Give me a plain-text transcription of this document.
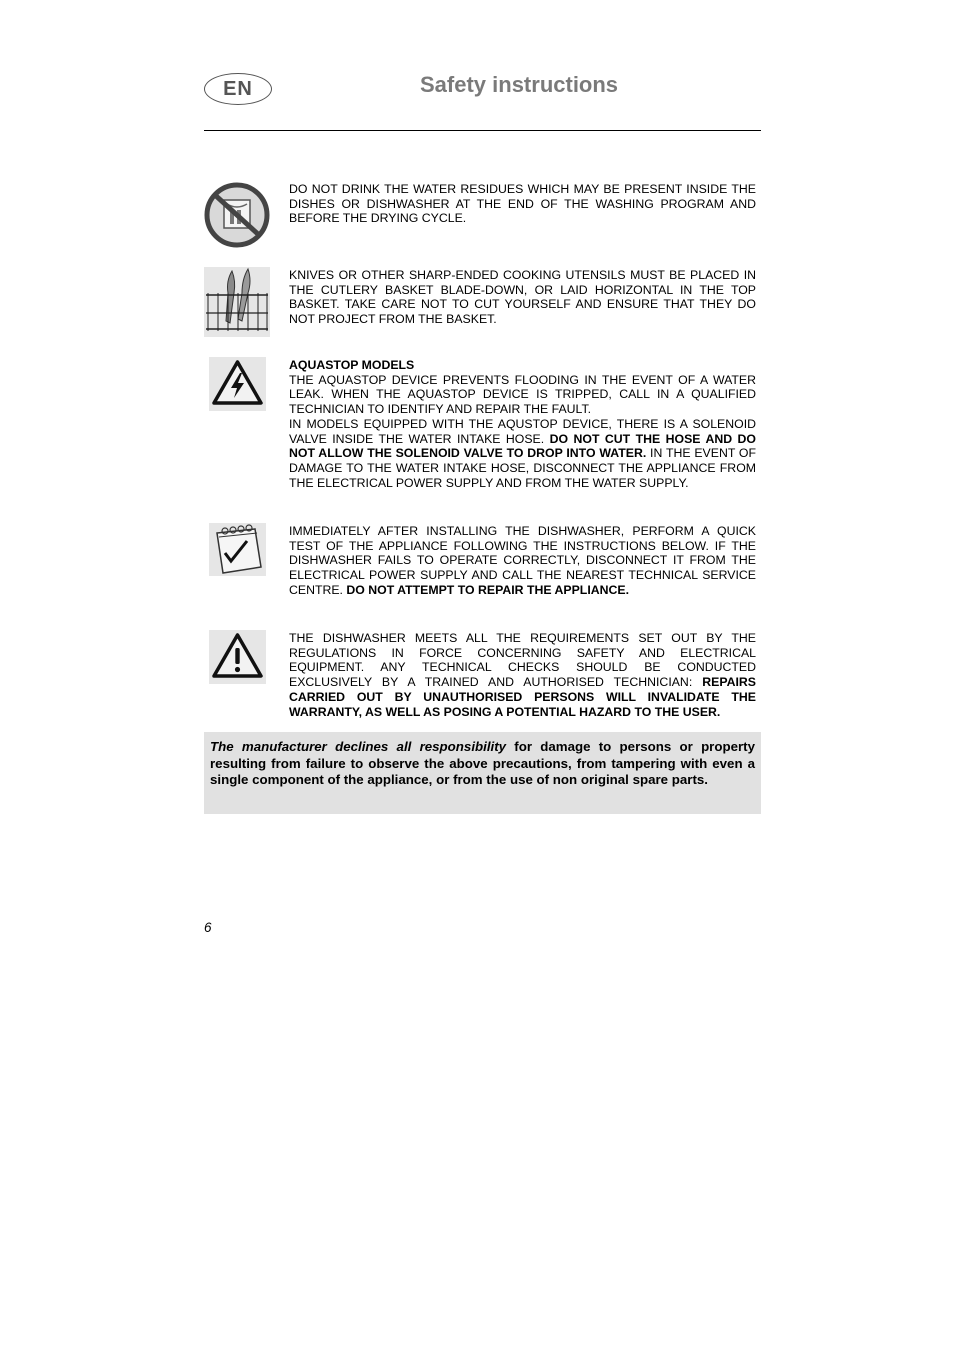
EN	Safety instructions

DO NOT DRINK THE WATER RESIDUES WHICH MAY BE PRESENT INSIDE THE DISHES OR DISHWASHER AT THE END OF THE WASHING PROGRAM AND BEFORE THE DRYING CYCLE.

KNIVES OR OTHER SHARP-ENDED COOKING UTENSILS MUST BE PLACED IN THE CUTLERY BASKET BLADE-DOWN, OR LAID HORIZONTAL IN THE TOP BASKET. TAKE CARE NOT TO CUT YOURSELF AND ENSURE THAT THEY DO NOT PROJECT FROM THE BASKET.

AQUASTOP MODELS

THE AQUASTOP DEVICE PREVENTS FLOODING IN THE EVENT OF A WATER LEAK. WHEN THE AQUASTOP DEVICE IS TRIPPED, CALL IN A QUALIFIED TECHNICIAN TO IDENTIFY AND REPAIR THE FAULT.

IN MODELS EQUIPPED WITH THE AQUSTOP DEVICE, THERE IS A SOLENOID VALVE INSIDE THE WATER INTAKE HOSE. DO NOT CUT THE HOSE AND DO NOT ALLOW THE SOLENOID VALVE TO DROP INTO WATER. IN THE EVENT OF DAMAGE TO THE WATER INTAKE HOSE, DISCONNECT THE APPLIANCE FROM THE ELECTRICAL POWER SUPPLY AND FROM THE WATER SUPPLY.

IMMEDIATELY AFTER INSTALLING THE DISHWASHER, PERFORM A QUICK TEST OF THE APPLIANCE FOLLOWING THE INSTRUCTIONS BELOW. IF THE DISHWASHER FAILS TO OPERATE CORRECTLY, DISCONNECT IT FROM THE ELECTRICAL POWER SUPPLY AND CALL THE NEAREST TECHNICAL SERVICE CENTRE. DO NOT ATTEMPT TO REPAIR THE APPLIANCE.

THE DISHWASHER MEETS ALL THE REQUIREMENTS SET OUT BY THE REGULATIONS IN FORCE CONCERNING SAFETY AND ELECTRICAL EQUIPMENT. ANY TECHNICAL CHECKS SHOULD BE CONDUCTED EXCLUSIVELY BY A TRAINED AND AUTHORISED TECHNICIAN: REPAIRS CARRIED OUT BY UNAUTHORISED PERSONS WILL INVALIDATE THE WARRANTY, AS WELL AS POSING A POTENTIAL HAZARD TO THE USER.

The manufacturer declines all responsibility for damage to persons or property resulting from failure to observe the above precautions, from tampering with even a single component of the appliance, or from the use of non original spare parts.
6
